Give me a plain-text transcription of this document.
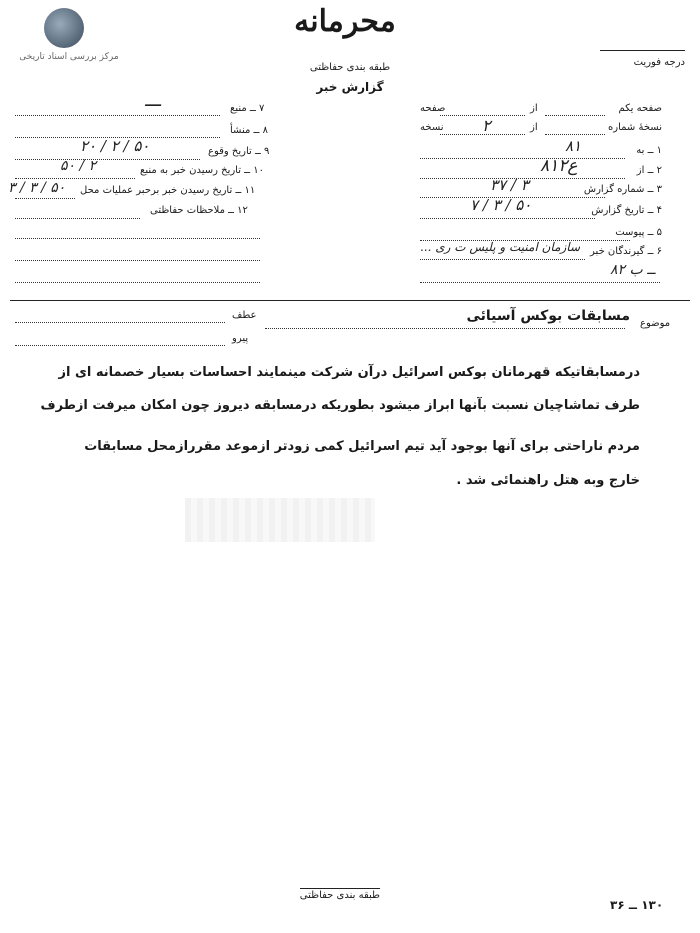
مرکز بررسی اسناد تاریخی
محرمانه
طبقه بندی حفاظتی
گزارش خبر
درجه فوریت
صفحه یکم
از
صفحه
نسخهٔ شماره
از
۲
نسخه
۱ ــ به
۸۱
۲ ــ از
۸۱۲ع
۳ ــ شماره گزارش
۳۷ / ۳
۴ ــ تاریخ گزارش
۷ / ۳ / ۵۰
۵ ــ پیوست
۶ ــ گیرندگان خبر
سازمان امنیت و پلیس ت ری ...
۸۲ ــ ب
۷ ــ منبع
ـــ
۸ ــ منشأ
۹ ــ تاریخ وقوع
۲۰ / ۲ / ۵۰
۱۰ ــ تاریخ رسیدن خبر به منبع
۵۰ / ۲
۱۱ ــ تاریخ رسیدن خبر برحبر عملیات محل
۳ / ۳ / ۵۰
۱۲ ــ ملاحظات حفاظتی
موضوع
مسابقات بوکس آسیائی
عطف
پیرو
درمسابقاتیکه قهرمانان بوکس اسرائیل درآن شرکت مینمایند احساسات بسیار خصمانه ای از
طرف تماشاچیان نسبت بآنها ابراز میشود بطوریکه درمسابقه دیروز چون امکان میرفت ازطرف
مردم ناراحتی برای آنها بوجود آید تیم اسرائیل کمی زودتر ازموعد مقررازمحل مسابقات
خارج وبه هتل راهنمائی شد .
طبقه بندی حفاظتی
۱۳۰ ــ ۳۶
